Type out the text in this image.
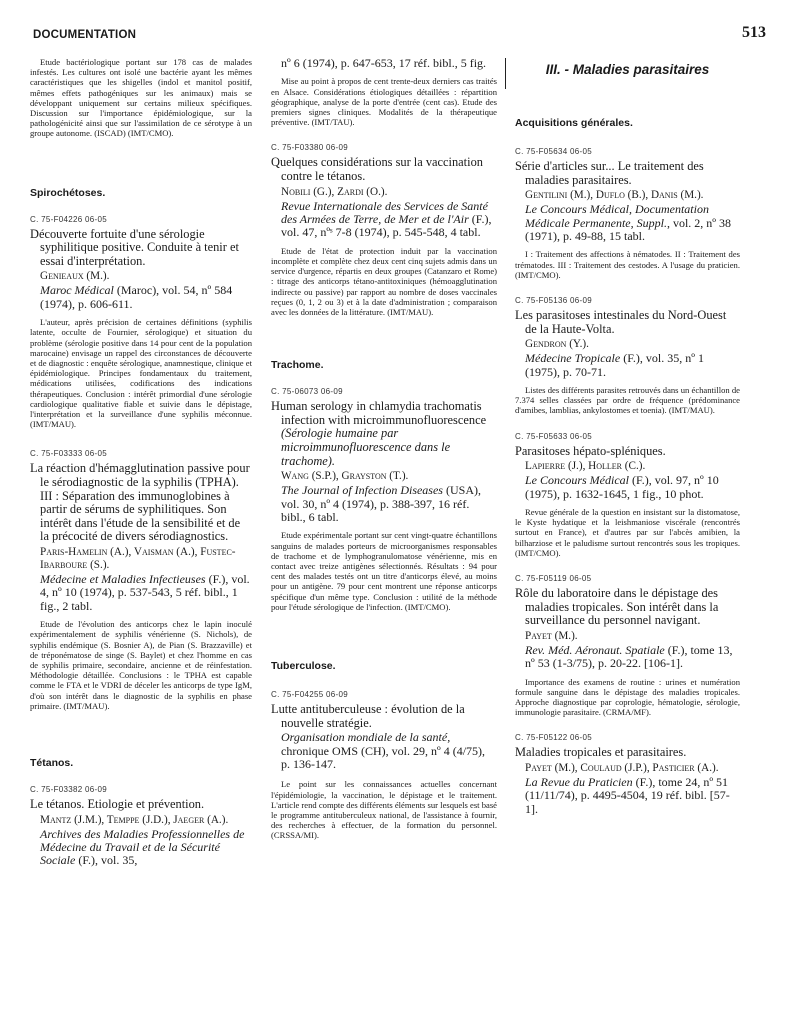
DOCUMENTATION	513

Etude bactériologique portant sur 178 cas de malades infestés. Les cultures ont isolé une bactérie ayant les mêmes caractéristiques que les shigelles (indol et manitol positif, mêmes effets pathogéniques sur les animaux) mais se développant uniquement sur certains milieux spécifiques. Discussion sur l'importance épidémiologique, sur la pathologénicité ainsi que sur l'assimilation de ce sérotype à un groupe autonome. (ISCAD) (IMT/CMO).

Spirochétoses.

C. 75-F04226 06-05

Découverte fortuite d'une sérologie syphilitique positive. Conduite à tenir et essai d'interprétation.

Genieaux (M.).

Maroc Médical (Maroc), vol. 54, nº 584 (1974), p. 606-611.

L'auteur, après précision de certaines définitions (syphilis latente, occulte de Fournier, sérologique) et situation du problème (sérologie positive dans 14 pour cent de la population marocaine) envisage un rappel des circonstances de découverte et de diagnostic : enquête sérologique, anamnestique, clinique et épidémiologique. Principes fondamentaux du traitement, médications utilisées, codifications des indications thérapeutiques. Conclusion : intérêt primordial d'une sérologie cardiologique qualitative fiable et suivie dans le dépistage, l'interprétation et la surveillance d'une syphilis méconnue. (IMT/MAU).

C. 75-F03333 06-05

La réaction d'hémagglutination passive pour le sérodiagnostic de la syphilis (TPHA). III : Séparation des immunoglobines à partir de sérums de syphilitiques. Son intérêt dans l'étude de la sensibilité et de la précocité de divers sérodiagnostics.

Paris-Hamelin (A.), Vaisman (A.), Fustec-Ibarboure (S.).

Médecine et Maladies Infectieuses (F.), vol. 4, nº 10 (1974), p. 537-543, 5 réf. bibl., 1 fig., 2 tabl.

Etude de l'évolution des anticorps chez le lapin inoculé expérimentalement de syphilis vénérienne (S. Nichols), de syphilis endémique (S. Bosnier A), de Pian (S. Brazzaville) et de tréponématose de singe (S. Baylet) et chez l'homme en cas de syphilis primaire, secondaire, ancienne et de réinfestation. Méthodologie détaillée. Conclusions : le TPHA est capable comme le FTA et le VDRI de déceler les anticorps de type IgM, d'où son intérêt dans le diagnostic de la syphilis en phase primaire. (IMT/MAU).

Tétanos.

C. 75-F03382 06-09

Le tétanos. Etiologie et prévention.

Mantz (J.M.), Temppe (J.D.), Jaeger (A.).

Archives des Maladies Professionnelles de Médecine du Travail et de la Sécurité Sociale (F.), vol. 35,

nº 6 (1974), p. 647-653, 17 réf. bibl., 5 fig.

Mise au point à propos de cent trente-deux derniers cas traités en Alsace. Considérations étiologiques détaillées : répartition géographique, analyse de la porte d'entrée (cent cas). Etude des premiers signes cliniques. Modalités de la thérapeutique préventive. (IMT/TAU).

C. 75-F03380 06-09

Quelques considérations sur la vaccination contre le tétanos.

Nobili (G.), Zardi (O.).

Revue Internationale des Services de Santé des Armées de Terre, de Mer et de l'Air (F.), vol. 47, nºˢ 7-8 (1974), p. 545-548, 4 tabl.

Etude de l'état de protection induit par la vaccination incomplète et complète chez deux cent cinq sujets admis dans un service d'urgence, répartis en deux groupes (Catanzaro et Rome) : titrage des anticorps tétano-antitoxiniques (hémoagglutination indirecte ou passive) par rapport au nombre de doses vaccinales reçues (0, 1, 2 ou 3) et à la date d'administration ; comparaison avec les données de la littérature. (IMT/MAU).

Trachome.

C. 75-06073 06-09

Human serology in chlamydia trachomatis infection with microimmunofluorescence (Sérologie humaine par microimmunofluorescence dans le trachome).

Wang (S.P.), Grayston (T.).

The Journal of Infection Diseases (USA), vol. 30, nº 4 (1974), p. 388-397, 16 réf. bibl., 6 tabl.

Etude expérimentale portant sur cent vingt-quatre échantillons sanguins de malades porteurs de microorganismes responsables de trachome et de lymphogranulomatose vénérienne, mis en contact avec treize antigènes sélectionnés. Résultats : 94 pour cent des malades testés ont un titre d'anticorps élevé, au moins pour un antigène. 79 pour cent montrent une réponse anticorps spécifique d'un même type. Conclusion : utilité de la méthode pour l'étude sérologique de l'infection. (IMT/CMO).

Tuberculose.

C. 75-F04255 06-09

Lutte antituberculeuse : évolution de la nouvelle stratégie.

Organisation mondiale de la santé, chronique OMS (CH), vol. 29, nº 4 (4/75), p. 136-147.

Le point sur les connaissances actuelles concernant l'épidémiologie, la vaccination, le dépistage et le traitement. L'article rend compte des différents éléments sur lesquels est basé le programme antituberculeux national, de l'assistance à fournir, des recherches à effectuer, de la formation du personnel. (CRSSA/MI).

III. - Maladies parasitaires

Acquisitions générales.

C. 75-F05634 06-05

Série d'articles sur... Le traitement des maladies parasitaires.

Gentilini (M.), Duflo (B.), Danis (M.).

Le Concours Médical, Documentation Médicale Permanente, Suppl., vol. 2, nº 38 (1971), p. 49-88, 15 tabl.

I : Traitement des affections à nématodes. II : Traitement des trématodes. III : Traitement des cestodes. A l'usage du praticien. (IMT/CMO).

C. 75-F05136 06-09

Les parasitoses intestinales du Nord-Ouest de la Haute-Volta.

Gendron (Y.).

Médecine Tropicale (F.), vol. 35, nº 1 (1975), p. 70-71.

Listes des différents parasites retrouvés dans un échantillon de 7.374 selles classées par ordre de fréquence (prédominance d'amibes, lamblias, ankylostomes et toenia). (IMT/MAU).

C. 75-F05633 06-05

Parasitoses hépato-spléniques.

Lapierre (J.), Holler (C.).

Le Concours Médical (F.), vol. 97, nº 10 (1975), p. 1632-1645, 1 fig., 10 phot.

Revue générale de la question en insistant sur la distomatose, le Kyste hydatique et la leishmaniose viscérale (rencontrés surtout en France), et d'autres par sur l'abcès amibien, la bilharziose et le paludisme surtout rencontrés sous les tropiques. (IMT/CMO).

C. 75-F05119 06-05

Rôle du laboratoire dans le dépistage des maladies tropicales. Son intérêt dans la surveillance du personnel navigant.

Payet (M.).

Rev. Méd. Aéronaut. Spatiale (F.), tome 13, nº 53 (1-3/75), p. 20-22. [106-1].

Importance des examens de routine : urines et numération formule sanguine dans le dépistage des maladies tropicales. Approche diagnostique par coprologie, hématologie, sérologie, immunologie parasitaire. (CRMA/MF).

C. 75-F05122 06-05

Maladies tropicales et parasitaires.

Payet (M.), Coulaud (J.P.), Pasticier (A.).

La Revue du Praticien (F.), tome 24, nº 51 (11/11/74), p. 4495-4504, 19 réf. bibl. [57-1].
